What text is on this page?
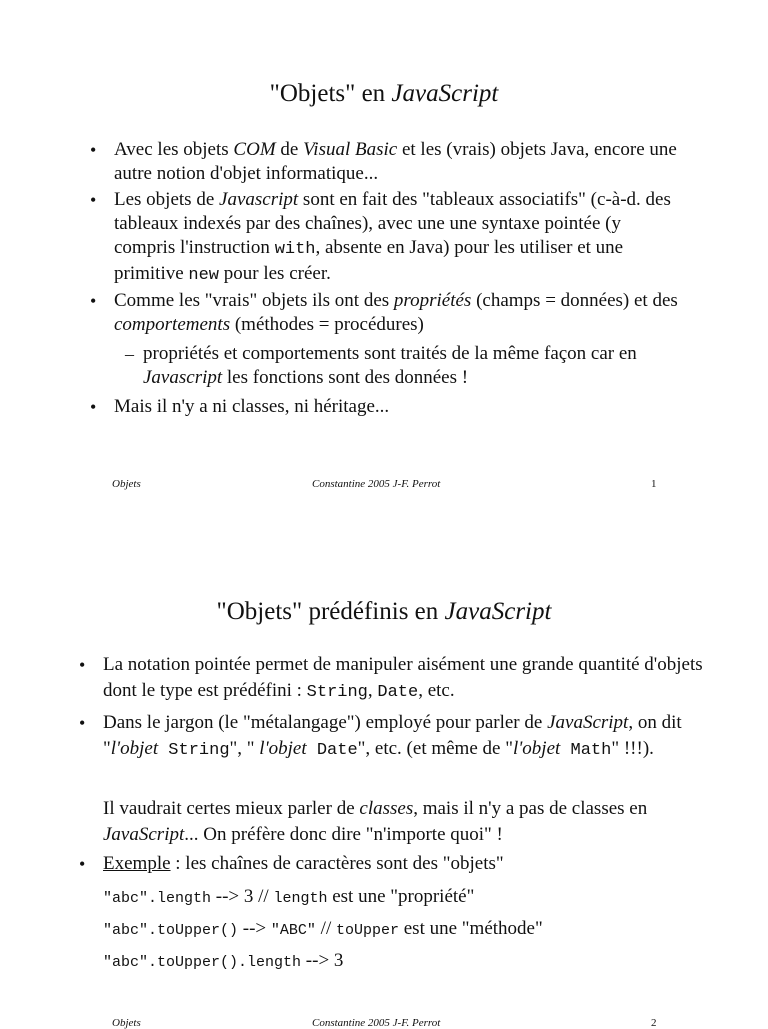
"Objets" en JavaScript
• Avec les objets COM de Visual Basic et les (vrais) objets Java, encore une autre notion d'objet informatique...
• Les objets de Javascript sont en fait des "tableaux associatifs" (c-à-d. des tableaux indexés par des chaînes), avec une une syntaxe pointée (y compris l'instruction with, absente en Java) pour les utiliser et une primitive new pour les créer.
• Comme les "vrais" objets ils ont des propriétés (champs = données) et des comportements (méthodes = procédures)
– propriétés et comportements sont traités de la même façon car en Javascript les fonctions sont des données !
• Mais il n'y a ni classes, ni héritage...
Objets	Constantine 2005 J-F. Perrot	1
"Objets" prédéfinis en JavaScript
• La notation pointée permet de manipuler aisément une grande quantité d'objets dont le type est prédéfini : String, Date, etc.
• Dans le jargon (le "métalangage") employé pour parler de JavaScript, on dit "l'objet String", " l'objet Date", etc. (et même de "l'objet Math" !!!).
Il vaudrait certes mieux parler de classes, mais il n'y a pas de classes en JavaScript... On préfère donc dire "n'importe quoi" !
• Exemple : les chaînes de caractères sont des "objets"
"abc".length --> 3 // length est une "propriété"
"abc".toUpper() --> "ABC" // toUpper est une "méthode"
"abc".toUpper().length --> 3
Objets	Constantine 2005 J-F. Perrot	2
